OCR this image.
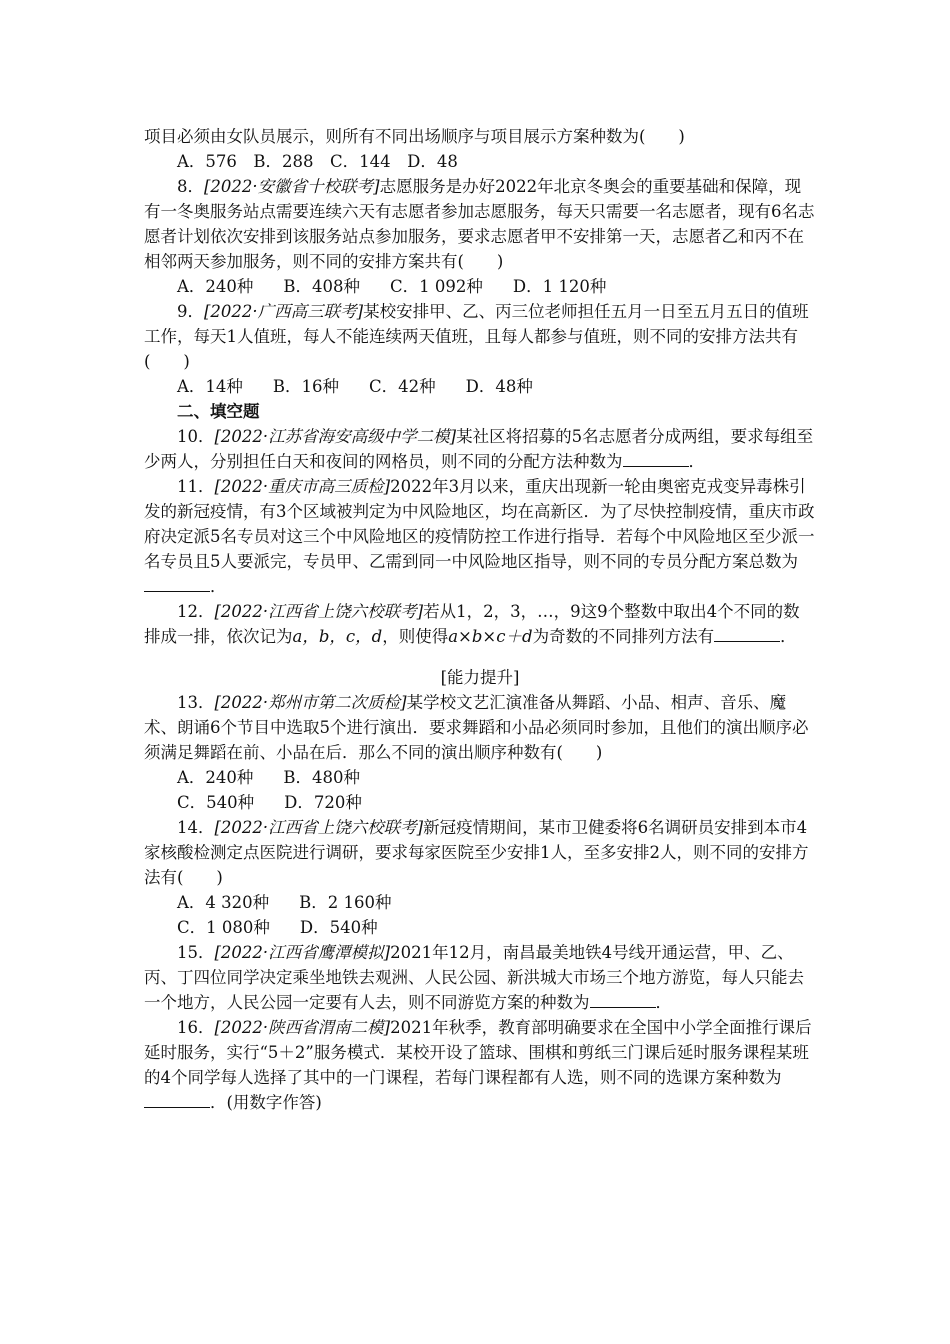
项目必须由女队员展示，则所有不同出场顺序与项目展示方案种数为(　　)

A．576　B．288　C．144　D．48

8．[2022·安徽省十校联考]志愿服务是办好2022年北京冬奥会的重要基础和保障，现有一冬奥服务站点需要连续六天有志愿者参加志愿服务，每天只需要一名志愿者，现有6名志愿者计划依次安排到该服务站点参加服务，要求志愿者甲不安排第一天，志愿者乙和丙不在相邻两天参加服务，则不同的安排方案共有(　　)

A．240种 B．408种 C．1 092种 D．1 120种

9．[2022·广西高三联考]某校安排甲、乙、丙三位老师担任五月一日至五月五日的值班工作，每天1人值班，每人不能连续两天值班，且每人都参与值班，则不同的安排方法共有(　　)

A．14种 B．16种 C．42种 D．48种

二、填空题

10．[2022·江苏省海安高级中学二模]某社区将招募的5名志愿者分成两组，要求每组至少两人，分别担任白天和夜间的网格员，则不同的分配方法种数为	．

11．[2022·重庆市高三质检]2022年3月以来，重庆出现新一轮由奥密克戎变异毒株引发的新冠疫情，有3个区域被判定为中风险地区，均在高新区．为了尽快控制疫情，重庆市政府决定派5名专员对这三个中风险地区的疫情防控工作进行指导．若每个中风险地区至少派一名专员且5人要派完，专员甲、乙需到同一中风险地区指导，则不同的专员分配方案总数为．

12．[2022·江西省上饶六校联考]若从1，2，3，…，9这9个整数中取出4个不同的数排成一排，依次记为a，b，c，d，则使得a×b×c＋d为奇数的不同排列方法有	．

[能力提升]

13．[2022·郑州市第二次质检]某学校文艺汇演准备从舞蹈、小品、相声、音乐、魔术、朗诵6个节目中选取5个进行演出．要求舞蹈和小品必须同时参加，且他们的演出顺序必须满足舞蹈在前、小品在后．那么不同的演出顺序种数有(　　)

A．240种 B．480种

C．540种 D．720种

14．[2022·江西省上饶六校联考]新冠疫情期间，某市卫健委将6名调研员安排到本市4家核酸检测定点医院进行调研，要求每家医院至少安排1人，至多安排2人，则不同的安排方法有(　　)

A．4 320种 B．2 160种

C．1 080种 D．540种

15．[2022·江西省鹰潭模拟]2021年12月，南昌最美地铁4号线开通运营，甲、乙、丙、丁四位同学决定乘坐地铁去观洲、人民公园、新洪城大市场三个地方游览，每人只能去一个地方，人民公园一定要有人去，则不同游览方案的种数为	．

16．[2022·陕西省渭南二模]2021年秋季，教育部明确要求在全国中小学全面推行课后延时服务，实行“5＋2”服务模式．某校开设了篮球、围棋和剪纸三门课后延时服务课程某班的4个同学每人选择了其中的一门课程，若每门课程都有人选，则不同的选课方案种数为．(用数字作答)
